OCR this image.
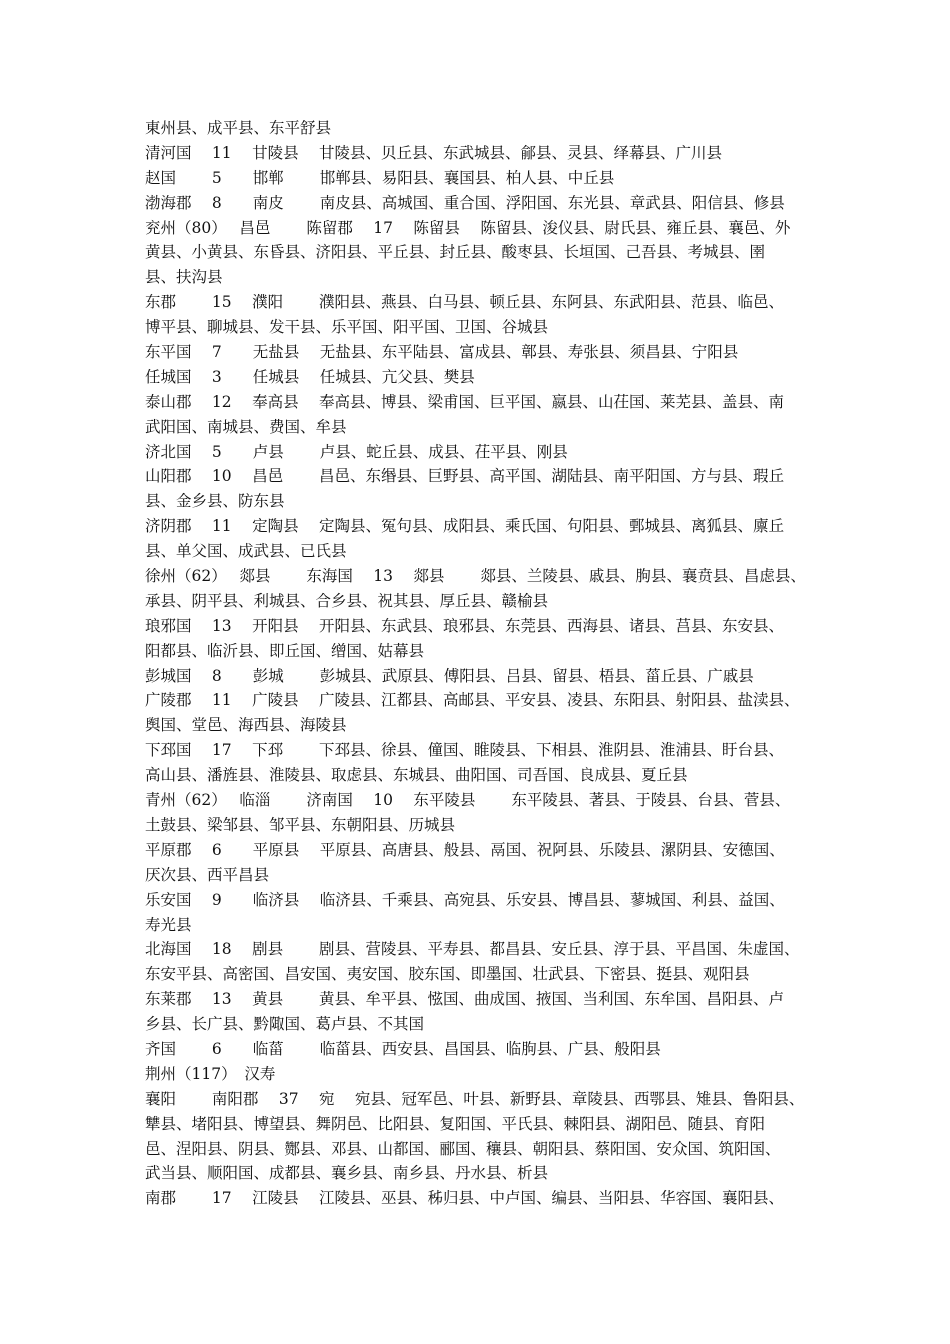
東州县、成平县、东平舒县
清河国　 11　 甘陵县　 甘陵县、贝丘县、东武城县、鄃县、灵县、绎幕县、广川县
赵国　　 5　　邯郸　　 邯郸县、易阳县、襄国县、柏人县、中丘县
渤海郡　 8　　南皮　　 南皮县、高城国、重合国、浮阳国、东光县、章武县、阳信县、修县
兖州（80）　 昌邑　　 陈留郡　 17　 陈留县　 陈留县、浚仪县、尉氏县、雍丘县、襄邑、外
黄县、小黄县、东昏县、济阳县、平丘县、封丘县、酸枣县、长垣国、己吾县、考城县、圉
县、扶沟县
东郡　　 15　 濮阳　　 濮阳县、燕县、白马县、顿丘县、东阿县、东武阳县、范县、临邑、
博平县、聊城县、发干县、乐平国、阳平国、卫国、谷城县
东平国　 7　　无盐县　 无盐县、东平陆县、富成县、鄣县、寿张县、须昌县、宁阳县
任城国　 3　　任城县　 任城县、亢父县、樊县
泰山郡　 12　 奉高县　 奉高县、博县、梁甫国、巨平国、嬴县、山茌国、莱芜县、盖县、南
武阳国、南城县、费国、牟县
济北国　 5　　卢县　　 卢县、蛇丘县、成县、茌平县、刚县
山阳郡　 10　 昌邑　　 昌邑、东缗县、巨野县、高平国、湖陆县、南平阳国、方与县、瑕丘
县、金乡县、防东县
济阴郡　 11　 定陶县　 定陶县、冤句县、成阳县、乘氏国、句阳县、鄄城县、离狐县、廪丘
县、单父国、成武县、已氏县
徐州（62）　 郯县　　 东海国　 13　 郯县　　 郯县、兰陵县、戚县、朐县、襄贲县、昌虑县、
承县、阴平县、利城县、合乡县、祝其县、厚丘县、赣榆县
琅邪国　 13　 开阳县　 开阳县、东武县、琅邪县、东莞县、西海县、诸县、莒县、东安县、
阳都县、临沂县、即丘国、缯国、姑幕县
彭城国　 8　　彭城　　 彭城县、武原县、傅阳县、吕县、留县、梧县、菑丘县、广戚县
广陵郡　 11　 广陵县　 广陵县、江都县、高邮县、平安县、凌县、东阳县、射阳县、盐渎县、
舆国、堂邑、海西县、海陵县
下邳国　 17　 下邳　　 下邳县、徐县、僮国、睢陵县、下相县、淮阴县、淮浦县、盱台县、
高山县、潘旌县、淮陵县、取虑县、东城县、曲阳国、司吾国、良成县、夏丘县
青州（62）　 临淄　　 济南国　 10　 东平陵县　　 东平陵县、著县、于陵县、台县、菅县、
土鼓县、梁邹县、邹平县、东朝阳县、历城县
平原郡　 6　　平原县　 平原县、高唐县、般县、鬲国、祝阿县、乐陵县、漯阴县、安德国、
厌次县、西平昌县
乐安国　 9　　临济县　 临济县、千乘县、高宛县、乐安县、博昌县、蓼城国、利县、益国、
寿光县
北海国　 18　 剧县　　 剧县、营陵县、平寿县、都昌县、安丘县、淳于县、平昌国、朱虚国、
东安平县、高密国、昌安国、夷安国、胶东国、即墨国、壮武县、下密县、挺县、观阳县
东莱郡　 13　 黄县　　 黄县、牟平县、惤国、曲成国、掖国、当利国、东牟国、昌阳县、卢
乡县、长广县、黔陬国、葛卢县、不其国
齐国　　 6　　临菑　　 临菑县、西安县、昌国县、临朐县、广县、般阳县
荆州（117）　汉寿
襄阳　　 南阳郡　 37　 宛　 宛县、冠军邑、叶县、新野县、章陵县、西鄂县、雉县、鲁阳县、
犨县、堵阳县、博望县、舞阴邑、比阳县、复阳国、平氏县、棘阳县、湖阳邑、随县、育阳
邑、涅阳县、阴县、酂县、邓县、山都国、郦国、穰县、朝阳县、蔡阳国、安众国、筑阳国、
武当县、顺阳国、成都县、襄乡县、南乡县、丹水县、析县
南郡　　 17　 江陵县　 江陵县、巫县、秭归县、中卢国、编县、当阳县、华容国、襄阳县、
